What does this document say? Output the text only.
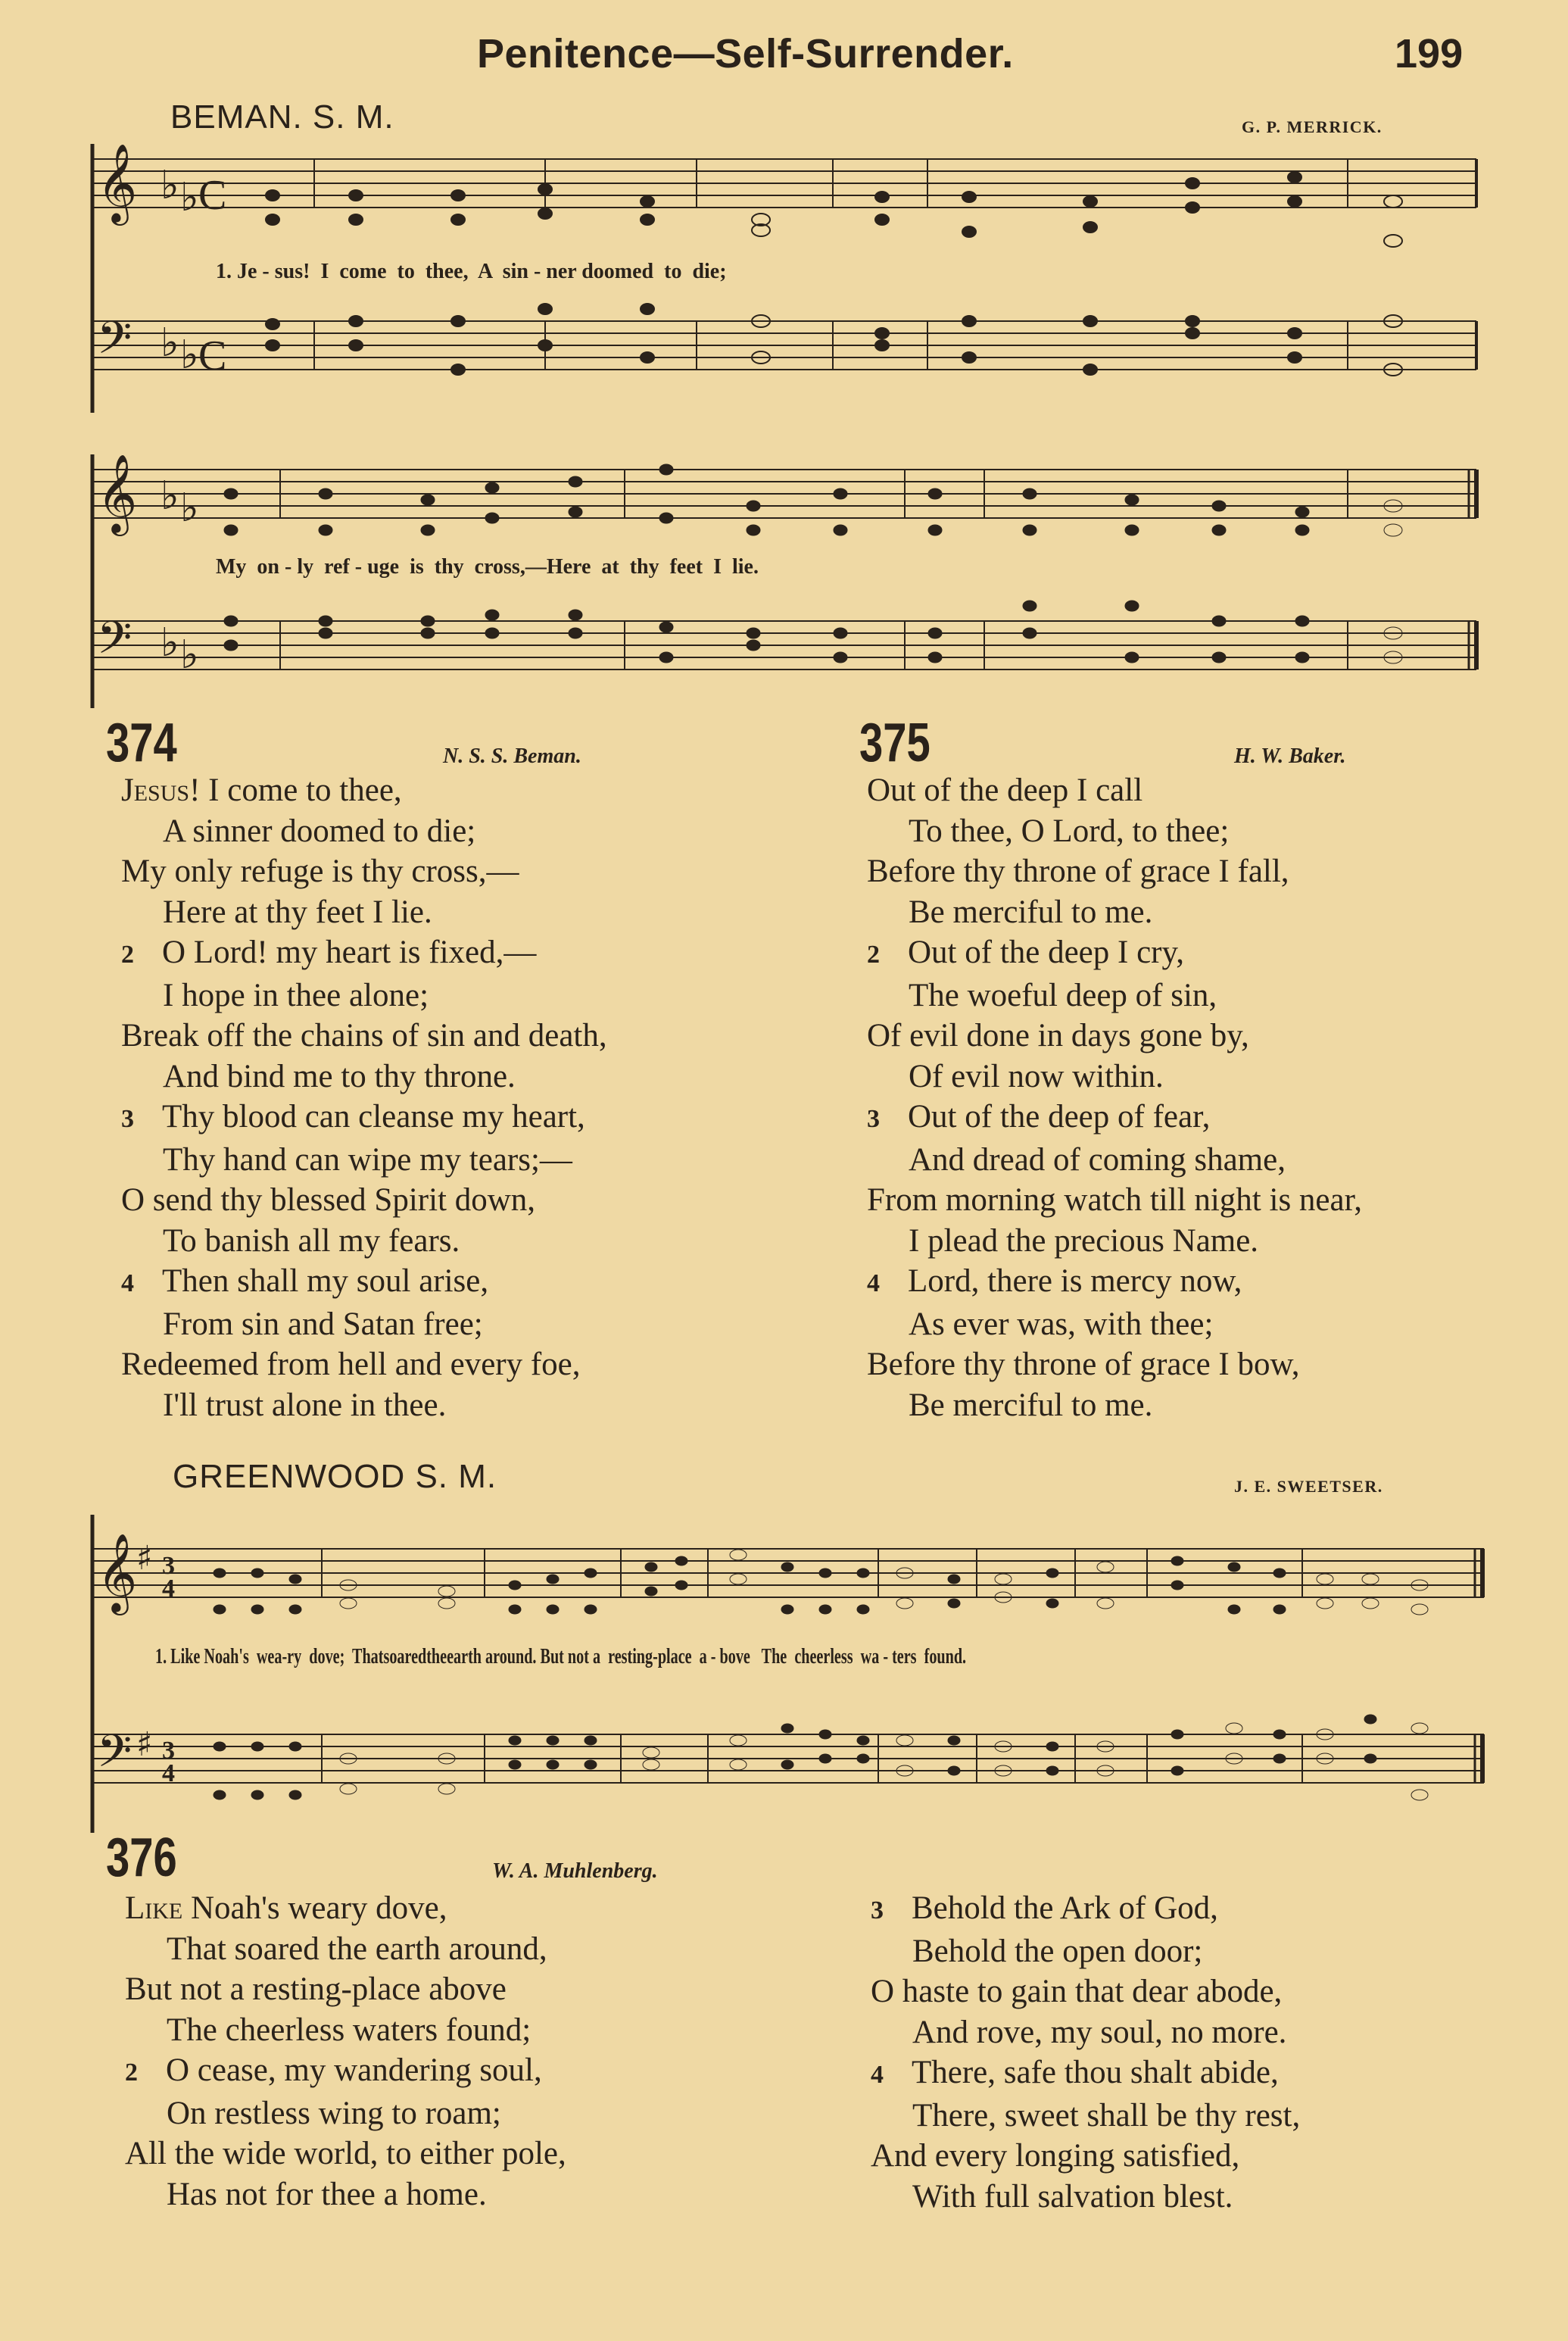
Penitence—Self-Surrender.	199
BEMAN. S. M.	G. P. MERRICK.
𝄞
𝄢
♭ ♭
♭ ♭
C
C
𝄞
𝄢
♭ ♭
♭ ♭
1. Je - sus!  I  come  to  thee,  A  sin - ner doomed  to  die;
My  on - ly  ref - uge  is  thy  cross,—Here  at  thy  feet  I  lie.
374	N. S. S. Beman.
Jesus! I come to thee,
A sinner doomed to die;
My only refuge is thy cross,—
Here at thy feet I lie.
2 O Lord! my heart is fixed,—
I hope in thee alone;
Break off the chains of sin and death,
And bind me to thy throne.
3 Thy blood can cleanse my heart,
Thy hand can wipe my tears;—
O send thy blessed Spirit down,
To banish all my fears.
4 Then shall my soul arise,
From sin and Satan free;
Redeemed from hell and every foe,
I'll trust alone in thee.
375	H. W. Baker.
Out of the deep I call
To thee, O Lord, to thee;
Before thy throne of grace I fall,
Be merciful to me.
2 Out of the deep I cry,
The woeful deep of sin,
Of evil done in days gone by,
Of evil now within.
3 Out of the deep of fear,
And dread of coming shame,
From morning watch till night is near,
I plead the precious Name.
4 Lord, there is mercy now,
As ever was, with thee;
Before thy throne of grace I bow,
Be merciful to me.
GREENWOOD S. M.	J. E. SWEETSER.
𝄞
𝄢
♯
♯
3
4
3
4
1. Like Noah's  wea-ry  dove;  Thatsoaredtheearth around. But not a  resting-place  a - bove   The  cheerless  wa - ters  found.
376	W. A. Muhlenberg.
Like Noah's weary dove,
That soared the earth around,
But not a resting-place above
The cheerless waters found;
2 O cease, my wandering soul,
On restless wing to roam;
All the wide world, to either pole,
Has not for thee a home.
3 Behold the Ark of God,
Behold the open door;
O haste to gain that dear abode,
And rove, my soul, no more.
4 There, safe thou shalt abide,
There, sweet shall be thy rest,
And every longing satisfied,
With full salvation blest.
